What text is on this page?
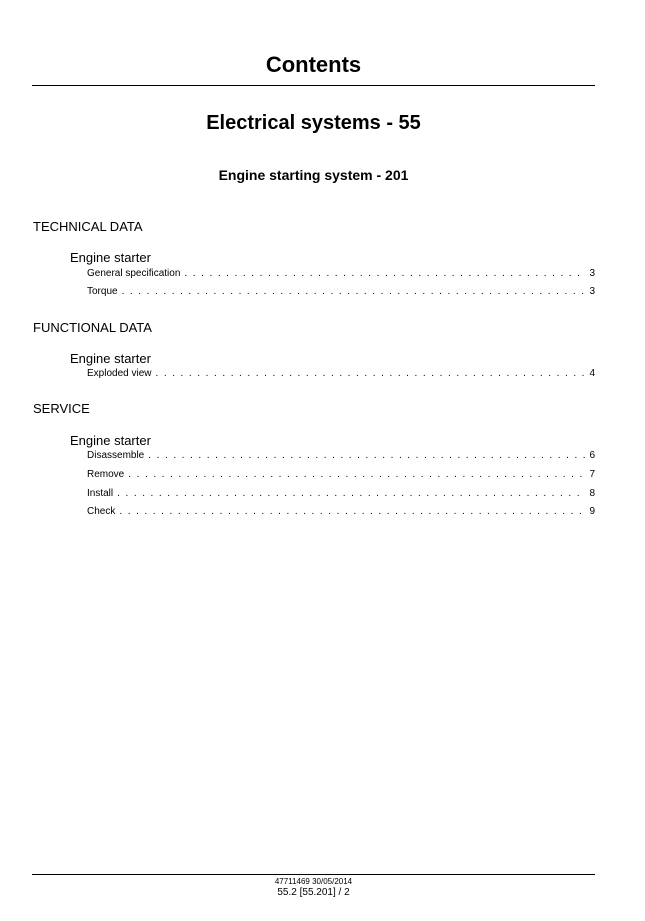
Contents
Electrical systems - 55
Engine starting system - 201
TECHNICAL DATA
Engine starter
General specification . . .	3
Torque . . .	3
FUNCTIONAL DATA
Engine starter
Exploded view . . .	4
SERVICE
Engine starter
Disassemble . . .	6
Remove . . .	7
Install . . .	8
Check . . .	9
47711469 30/05/2014
55.2 [55.201] / 2
